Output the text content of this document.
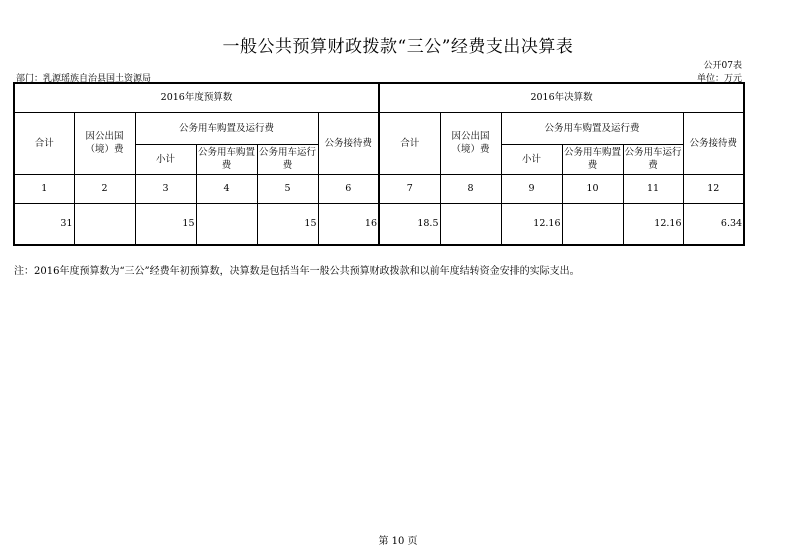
一般公共预算财政拨款“三公”经费支出决算表
公开07表
部门：乳源瑶族自治县国土资源局	单位：万元
2016年度预算数						2016年决算数					
合计	因公出国（境）费	公务用车购置及运行费			公务接待费	合计	因公出国（境）费	公务用车购置及运行费			公务接待费
		小计	公务用车购置费	公务用车运行费				小计	公务用车购置费	公务用车运行费	
1	2	3	4	5	6	7	8	9	10	11	12
31		15		15	16	18.5		12.16		12.16	6.34
注：2016年度预算数为“三公”经费年初预算数，决算数是包括当年一般公共预算财政拨款和以前年度结转资金安排的实际支出。
第 10 页
